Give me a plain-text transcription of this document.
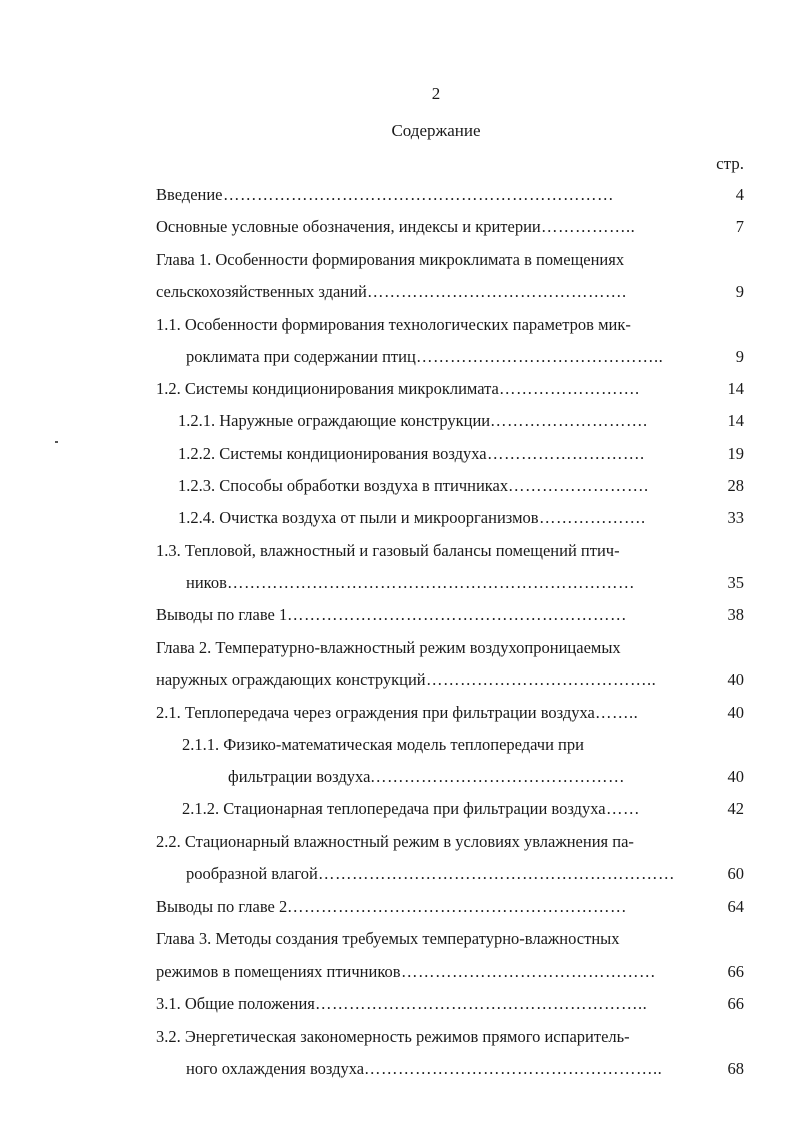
2
Содержание
стр.
Введение ……………………………………………………………	4
Основные условные обозначения, индексы и критерии ……………..	7
Глава 1. Особенности формирования микроклимата в помещениях
сельскохозяйственных зданий ……………………………………….	9
1.1. Особенности формирования технологических параметров мик-
роклимата при содержании птиц ……………………………………..	9
1.2. Системы кондиционирования микроклимата …………………….	14
1.2.1. Наружные ограждающие конструкции ……………………….	14
1.2.2. Системы кондиционирования воздуха ……………………….	19
1.2.3. Способы обработки воздуха в птичниках …………………….	28
1.2.4. Очистка воздуха от пыли и микроорганизмов ……………….	33
1.3. Тепловой, влажностный и газовый балансы помещений птич-
ников ………………………………………………………………	35
Выводы по главе 1 ……………………………………………………	38
Глава 2. Температурно-влажностный режим воздухопроницаемых
наружных ограждающих конструкций …………………………………..	40
2.1. Теплопередача через ограждения при фильтрации воздуха ……..	40
2.1.1. Физико-математическая модель теплопередачи при
фильтрации воздуха ………………………………………	40
2.1.2. Стационарная теплопередача при фильтрации воздуха ……	42
2.2. Стационарный влажностный режим в условиях увлажнения па-
рообразной влагой ………………………………………………………	60
Выводы по главе 2 ……………………………………………………	64
Глава 3. Методы создания требуемых температурно-влажностных
режимов в помещениях птичников ………………………………………	66
3.1. Общие положения …………………………………………………..	66
3.2. Энергетическая закономерность режимов прямого испаритель-
ного охлаждения воздуха ……………………………………………..	68
